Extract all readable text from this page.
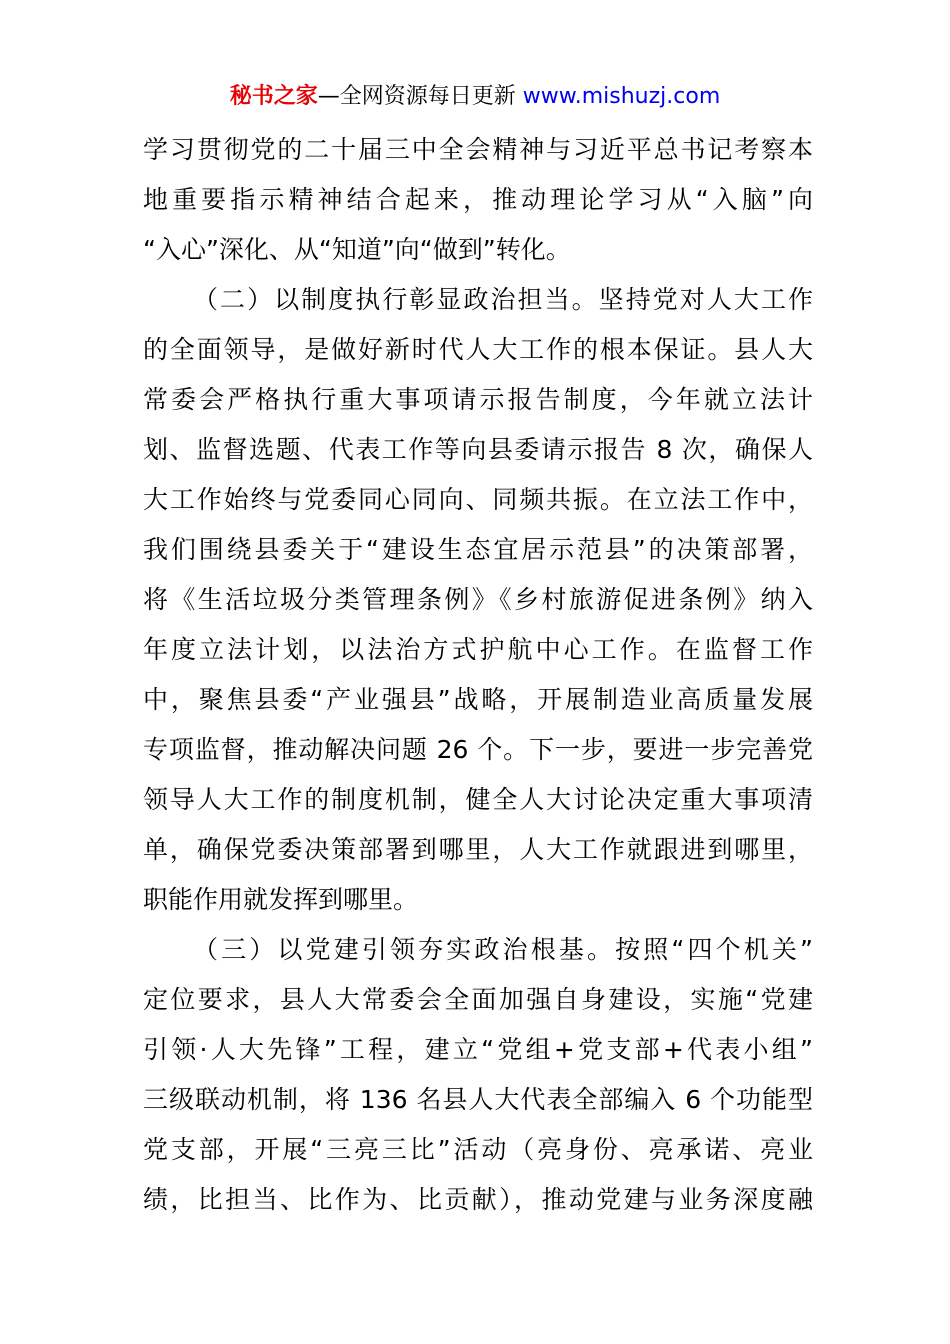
秘书之家—全网资源每日更新 www.mishuzj.com
学习贯彻党的二十届三中全会精神与习近平总书记考察本
地重要指示精神结合起来，推动理论学习从“入脑”向
“入心”深化、从“知道”向“做到”转化。
（二）以制度执行彰显政治担当。坚持党对人大工作
的全面领导，是做好新时代人大工作的根本保证。县人大
常委会严格执行重大事项请示报告制度，今年就立法计
划、监督选题、代表工作等向县委请示报告 8 次，确保人
大工作始终与党委同心同向、同频共振。在立法工作中，
我们围绕县委关于“建设生态宜居示范县”的决策部署，
将《生活垃圾分类管理条例》《乡村旅游促进条例》纳入
年度立法计划，以法治方式护航中心工作。在监督工作
中，聚焦县委“产业强县”战略，开展制造业高质量发展
专项监督，推动解决问题 26 个。下一步，要进一步完善党
领导人大工作的制度机制，健全人大讨论决定重大事项清
单，确保党委决策部署到哪里，人大工作就跟进到哪里，
职能作用就发挥到哪里。
（三）以党建引领夯实政治根基。按照“四个机关”
定位要求，县人大常委会全面加强自身建设，实施“党建
引领·人大先锋”工程，建立“党组+党支部+代表小组”
三级联动机制，将 136 名县人大代表全部编入 6 个功能型
党支部，开展“三亮三比”活动（亮身份、亮承诺、亮业
绩，比担当、比作为、比贡献），推动党建与业务深度融
